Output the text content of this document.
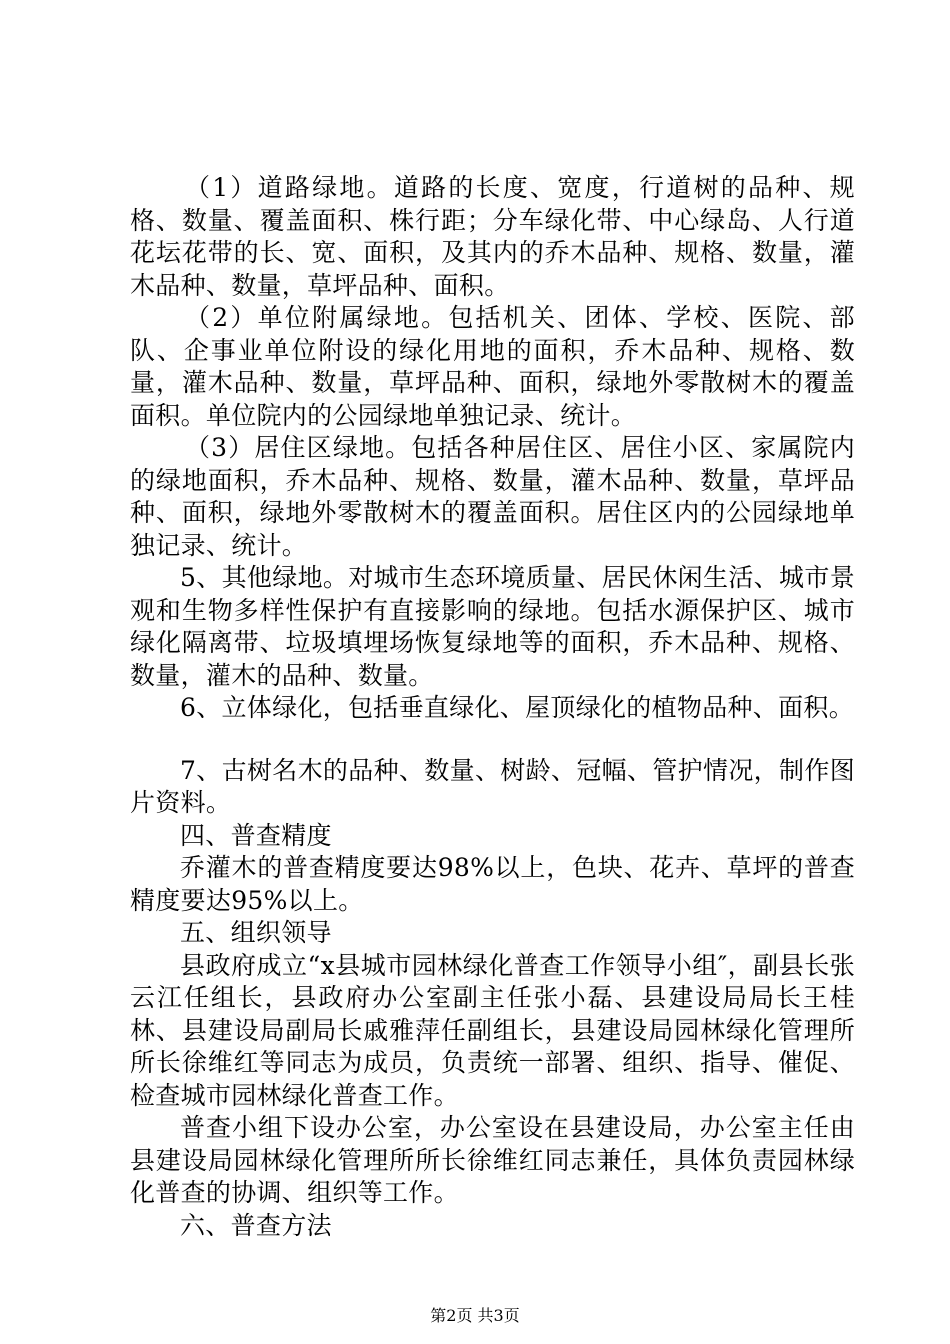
（1）道路绿地。道路的长度、宽度，行道树的品种、规格、数量、覆盖面积、株行距；分车绿化带、中心绿岛、人行道花坛花带的长、宽、面积，及其内的乔木品种、规格、数量，灌木品种、数量，草坪品种、面积。

（2）单位附属绿地。包括机关、团体、学校、医院、部队、企事业单位附设的绿化用地的面积，乔木品种、规格、数量，灌木品种、数量，草坪品种、面积，绿地外零散树木的覆盖面积。单位院内的公园绿地单独记录、统计。

（3）居住区绿地。包括各种居住区、居住小区、家属院内的绿地面积，乔木品种、规格、数量，灌木品种、数量，草坪品种、面积，绿地外零散树木的覆盖面积。居住区内的公园绿地单独记录、统计。

5、其他绿地。对城市生态环境质量、居民休闲生活、城市景观和生物多样性保护有直接影响的绿地。包括水源保护区、城市绿化隔离带、垃圾填埋场恢复绿地等的面积，乔木品种、规格、数量，灌木的品种、数量。

6、立体绿化，包括垂直绿化、屋顶绿化的植物品种、面积。

7、古树名木的品种、数量、树龄、冠幅、管护情况，制作图片资料。

四、普查精度

乔灌木的普查精度要达98%以上，色块、花卉、草坪的普查精度要达95%以上。

五、组织领导

县政府成立“x县城市园林绿化普查工作领导小组″，副县长张云江任组长，县政府办公室副主任张小磊、县建设局局长王桂林、县建设局副局长戚雅萍任副组长，县建设局园林绿化管理所所长徐维红等同志为成员，负责统一部署、组织、指导、催促、检查城市园林绿化普查工作。

普查小组下设办公室，办公室设在县建设局，办公室主任由县建设局园林绿化管理所所长徐维红同志兼任，具体负责园林绿化普查的协调、组织等工作。

六、普查方法

第2页 共3页
